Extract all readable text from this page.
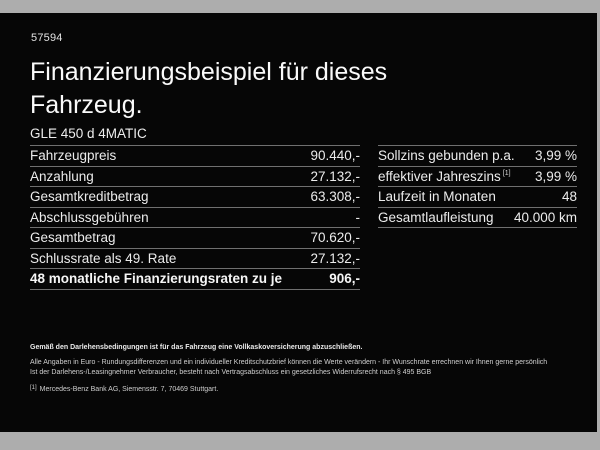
57594
Finanzierungsbeispiel für dieses
Fahrzeug.
GLE 450 d 4MATIC
Fahrzeugpreis	90.440,-
Anzahlung	27.132,-
Gesamtkreditbetrag	63.308,-
Abschlussgebühren	-
Gesamtbetrag	70.620,-
Schlussrate als 49. Rate	27.132,-
48 monatliche Finanzierungsraten zu je	906,-
Sollzins gebunden p.a. 3,99 %
effektiver Jahreszins [1] 3,99 %
Laufzeit in Monaten	48
Gesamtlaufleistung 40.000 km

Gemäß den Darlehensbedingungen ist für das Fahrzeug eine Vollkaskoversicherung abzuschließen.

Alle Angaben in Euro - Rundungsdifferenzen und ein individueller Kreditschutzbrief können die Werte verändern - Ihr Wunschrate errechnen wir Ihnen gerne persönlich

Ist der Darlehens-/Leasingnehmer Verbraucher, besteht nach Vertragsabschluss ein gesetzliches Widerrufsrecht nach § 495 BGB

[1] Mercedes-Benz Bank AG, Siemensstr. 7, 70469 Stuttgart.
